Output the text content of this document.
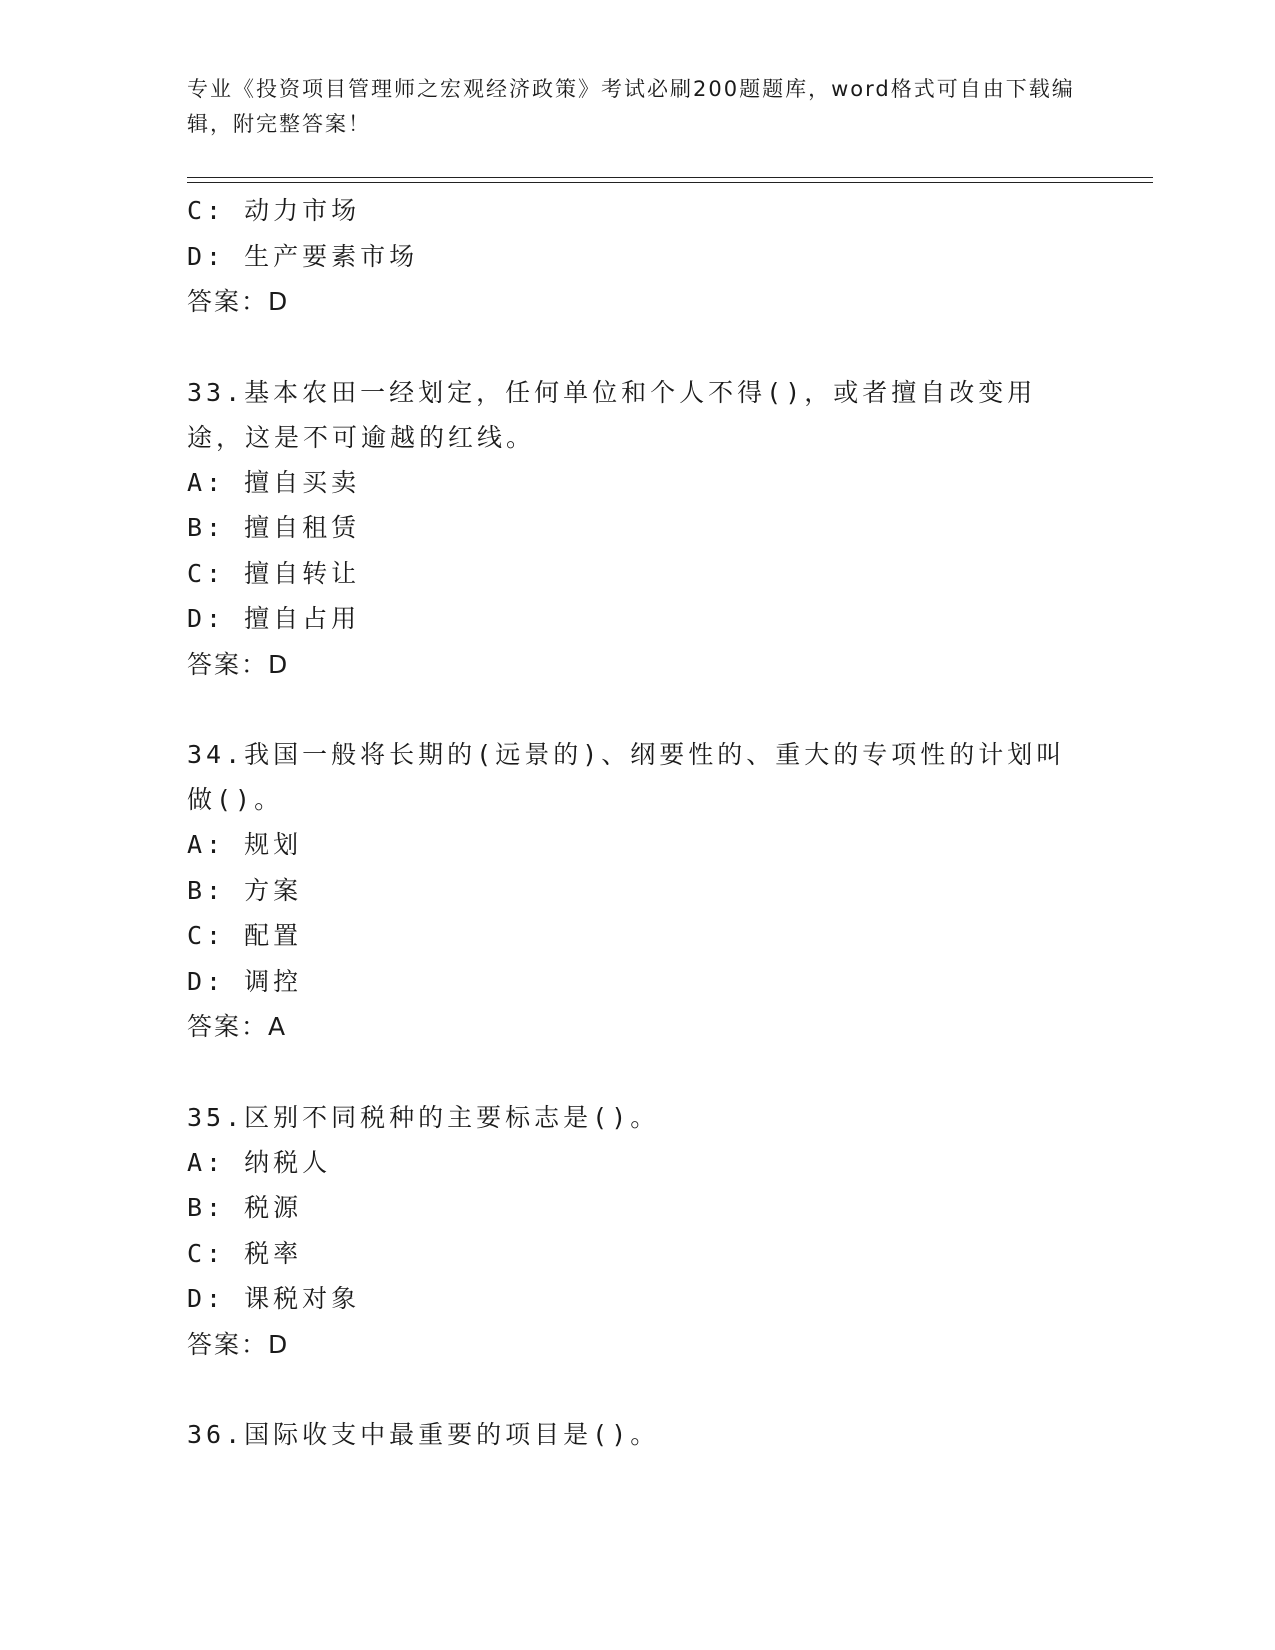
专业《投资项目管理师之宏观经济政策》考试必刷200题题库，word格式可自由下载编辑，附完整答案！
C: 动力市场
D: 生产要素市场
答案：D
33.基本农田一经划定，任何单位和个人不得()，或者擅自改变用途，这是不可逾越的红线。
A: 擅自买卖
B: 擅自租赁
C: 擅自转让
D: 擅自占用
答案：D
34.我国一般将长期的(远景的)、纲要性的、重大的专项性的计划叫做()。
A: 规划
B: 方案
C: 配置
D: 调控
答案：A
35.区别不同税种的主要标志是()。
A: 纳税人
B: 税源
C: 税率
D: 课税对象
答案：D
36.国际收支中最重要的项目是()。
